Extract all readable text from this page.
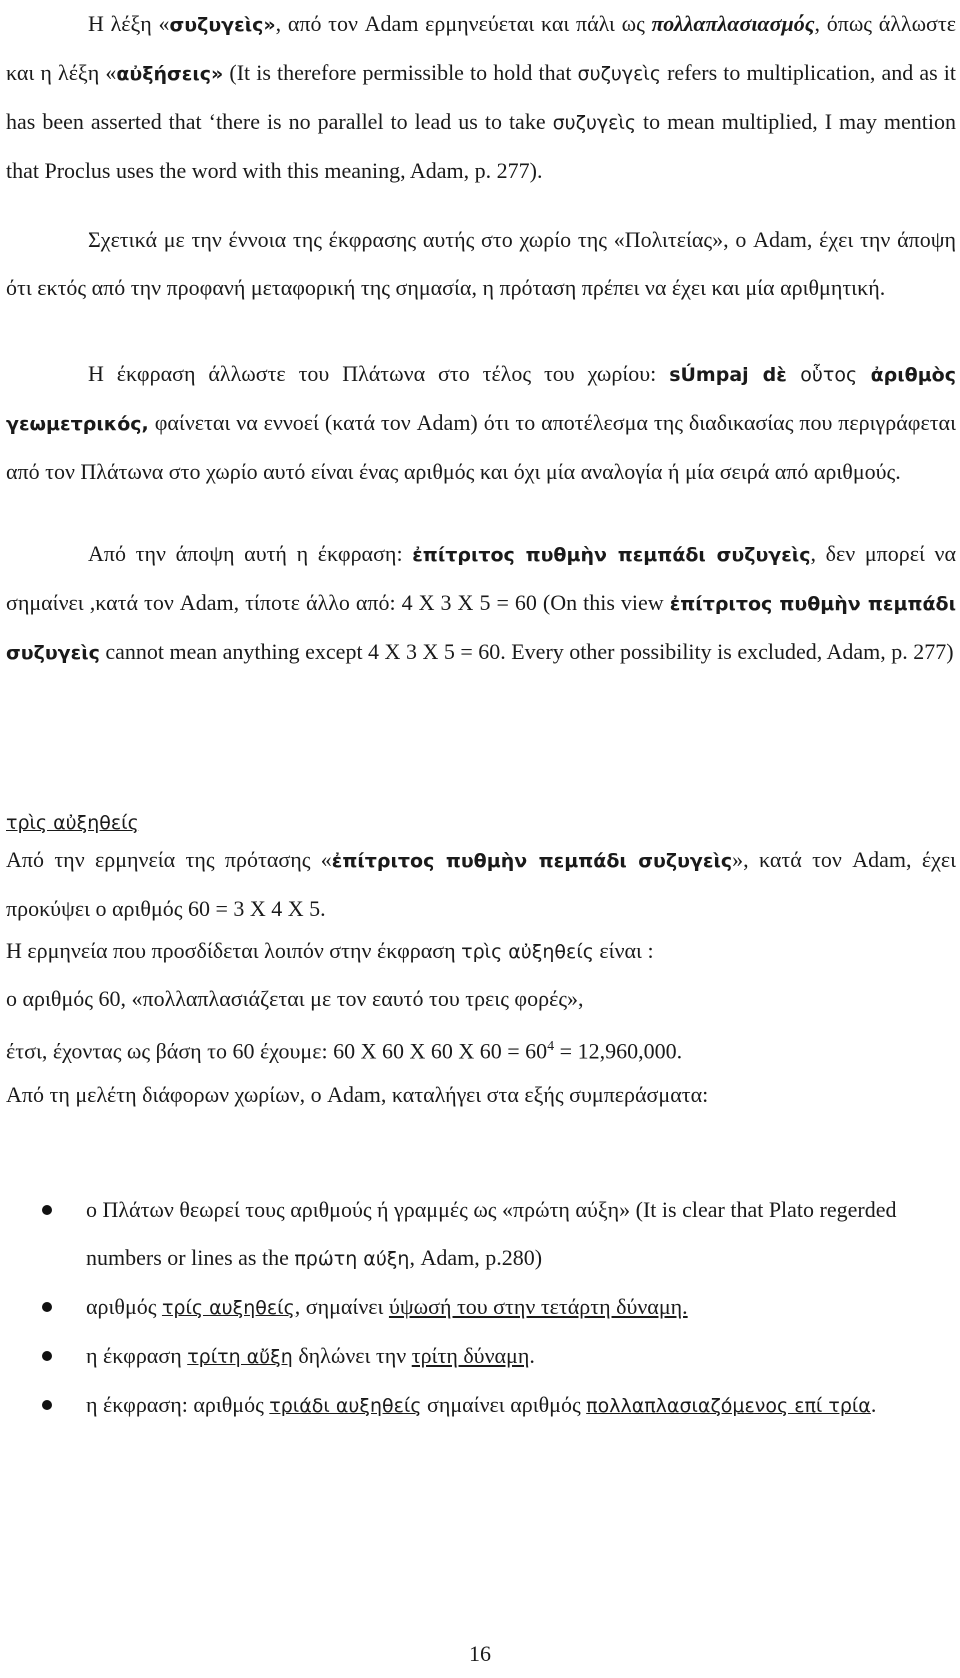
Η λέξη «συζυγεὶς», από τον Adam ερμηνεύεται και πάλι ως πολλαπλασιασμός, όπως άλλωστε και η λέξη «αὐξήσεις» (It is therefore permissible to hold that συζυγεὶς refers to multiplication, and as it has been asserted that ‘there is no parallel to lead us to take συζυγεὶς to mean multiplied, I may mention that Proclus uses the word with this meaning, Adam, p. 277).

Σχετικά με την έννοια της έκφρασης αυτής στο χωρίο της «Πολιτείας», ο Adam, έχει την άποψη ότι εκτός από την προφανή μεταφορική της σημασία, η πρόταση πρέπει να έχει και μία αριθμητική.

Η έκφραση άλλωστε του Πλάτωνα στο τέλος του χωρίου: sÚmpaj dὲ οὗτος ἀριθμὸς γεωμετρικός, φαίνεται να εννοεί (κατά τον Adam) ότι το αποτέλεσμα της διαδικασίας που περιγράφεται από τον Πλάτωνα στο χωρίο αυτό είναι ένας αριθμός και όχι μία αναλογία ή μία σειρά από αριθμούς.

Από την άποψη αυτή η έκφραση: ἐπίτριτος πυθμὴν πεμπάδι συζυγεὶς, δεν μπορεί να σημαίνει ,κατά τον Adam, τίποτε άλλο από: 4 X 3 X 5 = 60 (On this view ἐπίτριτος πυθμὴν πεμπάδι συζυγεὶς cannot mean anything except 4 X 3 X 5 = 60. Every other possibility is excluded, Adam, p. 277)

τρὶς αὐξηθείς

Από την ερμηνεία της πρότασης «ἐπίτριτος πυθμὴν πεμπάδι συζυγεὶς», κατά τον Adam, έχει προκύψει ο αριθμός 60 = 3 X 4 X 5.

Η ερμηνεία που προσδίδεται λοιπόν στην έκφραση τρὶς αὐξηθείς είναι :
ο αριθμός 60, «πολλαπλασιάζεται με τον εαυτό του τρεις φορές»,
έτσι, έχοντας ως βάση το 60 έχουμε: 60 X 60 X 60 X $60 = 60^4 = 12,960,000$.
Από τη μελέτη διάφορων χωρίων, ο Adam, καταλήγει στα εξής συμπεράσματα:
ο Πλάτων θεωρεί τους αριθμούς ή γραμμές ως «πρώτη αύξη» (It is clear that Plato regerded numbers or lines as the πρώτη αύξη, Adam, p.280)
αριθμός τρίς αυξηθείς, σημαίνει ύψωσή του στην τετάρτη δύναμη.
η έκφραση τρίτη αὔξη δηλώνει την τρίτη δύναμη.
η έκφραση: αριθμός τριάδι αυξηθείς σημαίνει αριθμός πολλαπλασιαζόμενος επί τρία.
16
